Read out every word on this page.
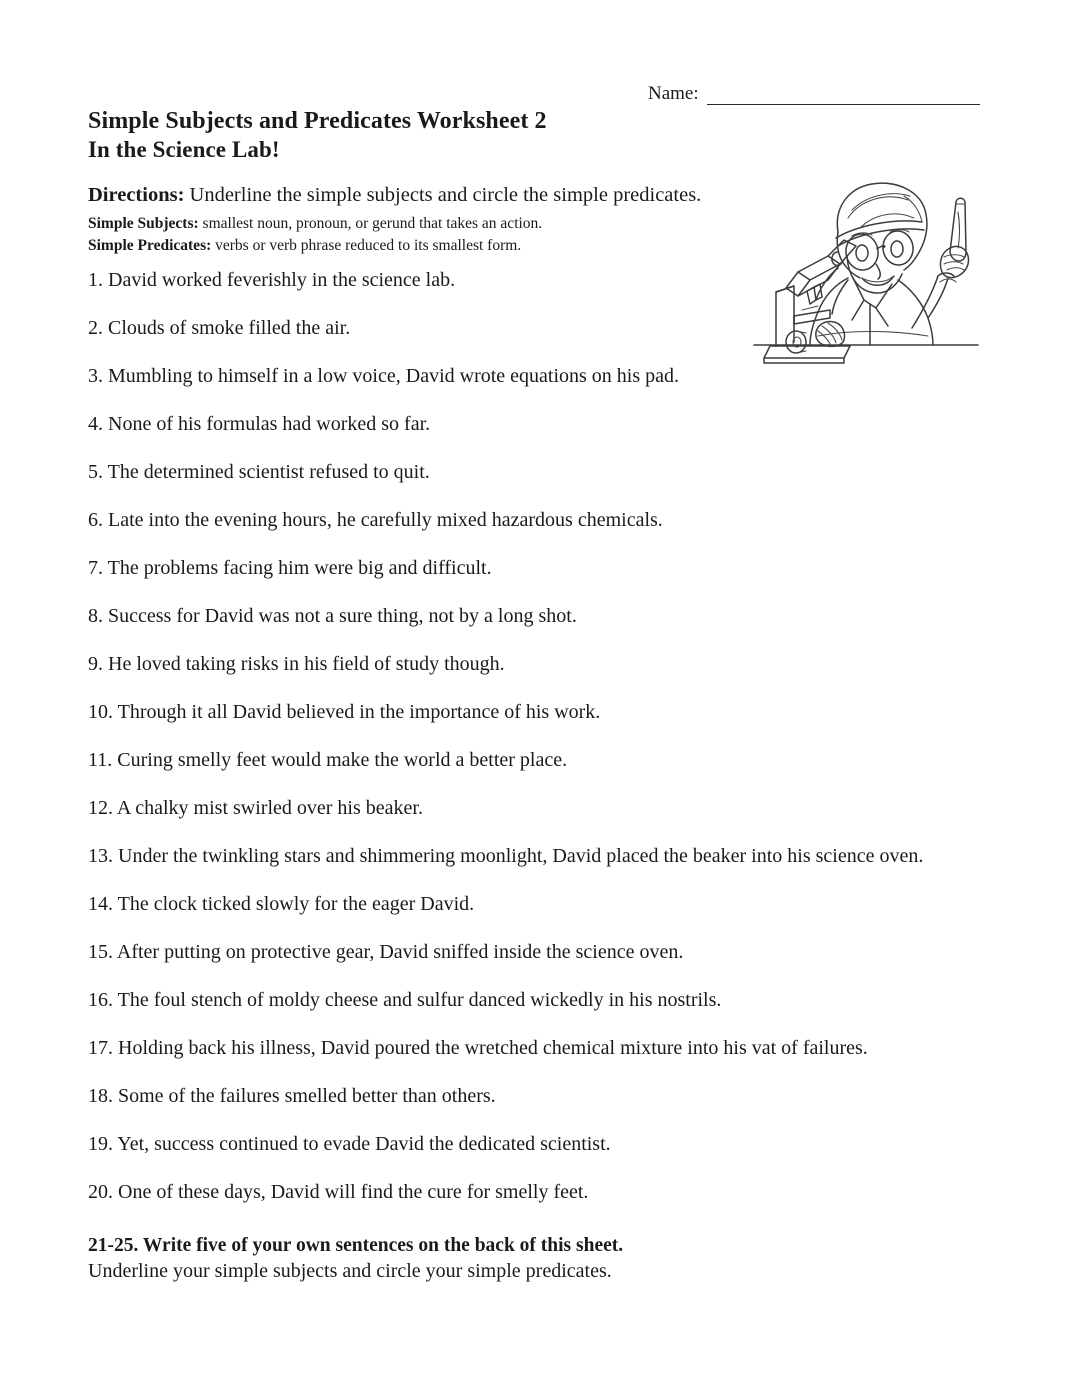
Name:
Simple Subjects and Predicates Worksheet 2
In the Science Lab!
Directions: Underline the simple subjects and circle the simple predicates.
Simple Subjects: smallest noun, pronoun, or gerund that takes an action.
Simple Predicates: verbs or verb phrase reduced to its smallest form.
1. David worked feverishly in the science lab.
2. Clouds of smoke filled the air.
3. Mumbling to himself in a low voice, David wrote equations on his pad.
4. None of his formulas had worked so far.
5. The determined scientist refused to quit.
6. Late into the evening hours, he carefully mixed hazardous chemicals.
7. The problems facing him were big and difficult.
8. Success for David was not a sure thing, not by a long shot.
9. He loved taking risks in his field of study though.
10. Through it all David believed in the importance of his work.
11. Curing smelly feet would make the world a better place.
12. A chalky mist swirled over his beaker.
13. Under the twinkling stars and shimmering moonlight, David placed the beaker into his science oven.
14. The clock ticked slowly for the eager David.
15. After putting on protective gear, David sniffed inside the science oven.
16. The foul stench of moldy cheese and sulfur danced wickedly in his nostrils.
17. Holding back his illness, David poured the wretched chemical mixture into his vat of failures.
18. Some of the failures smelled better than others.
19. Yet, success continued to evade David the dedicated scientist.
20. One of these days, David will find the cure for smelly feet.
21-25. Write five of your own sentences on the back of this sheet.
Underline your simple subjects and circle your simple predicates.
